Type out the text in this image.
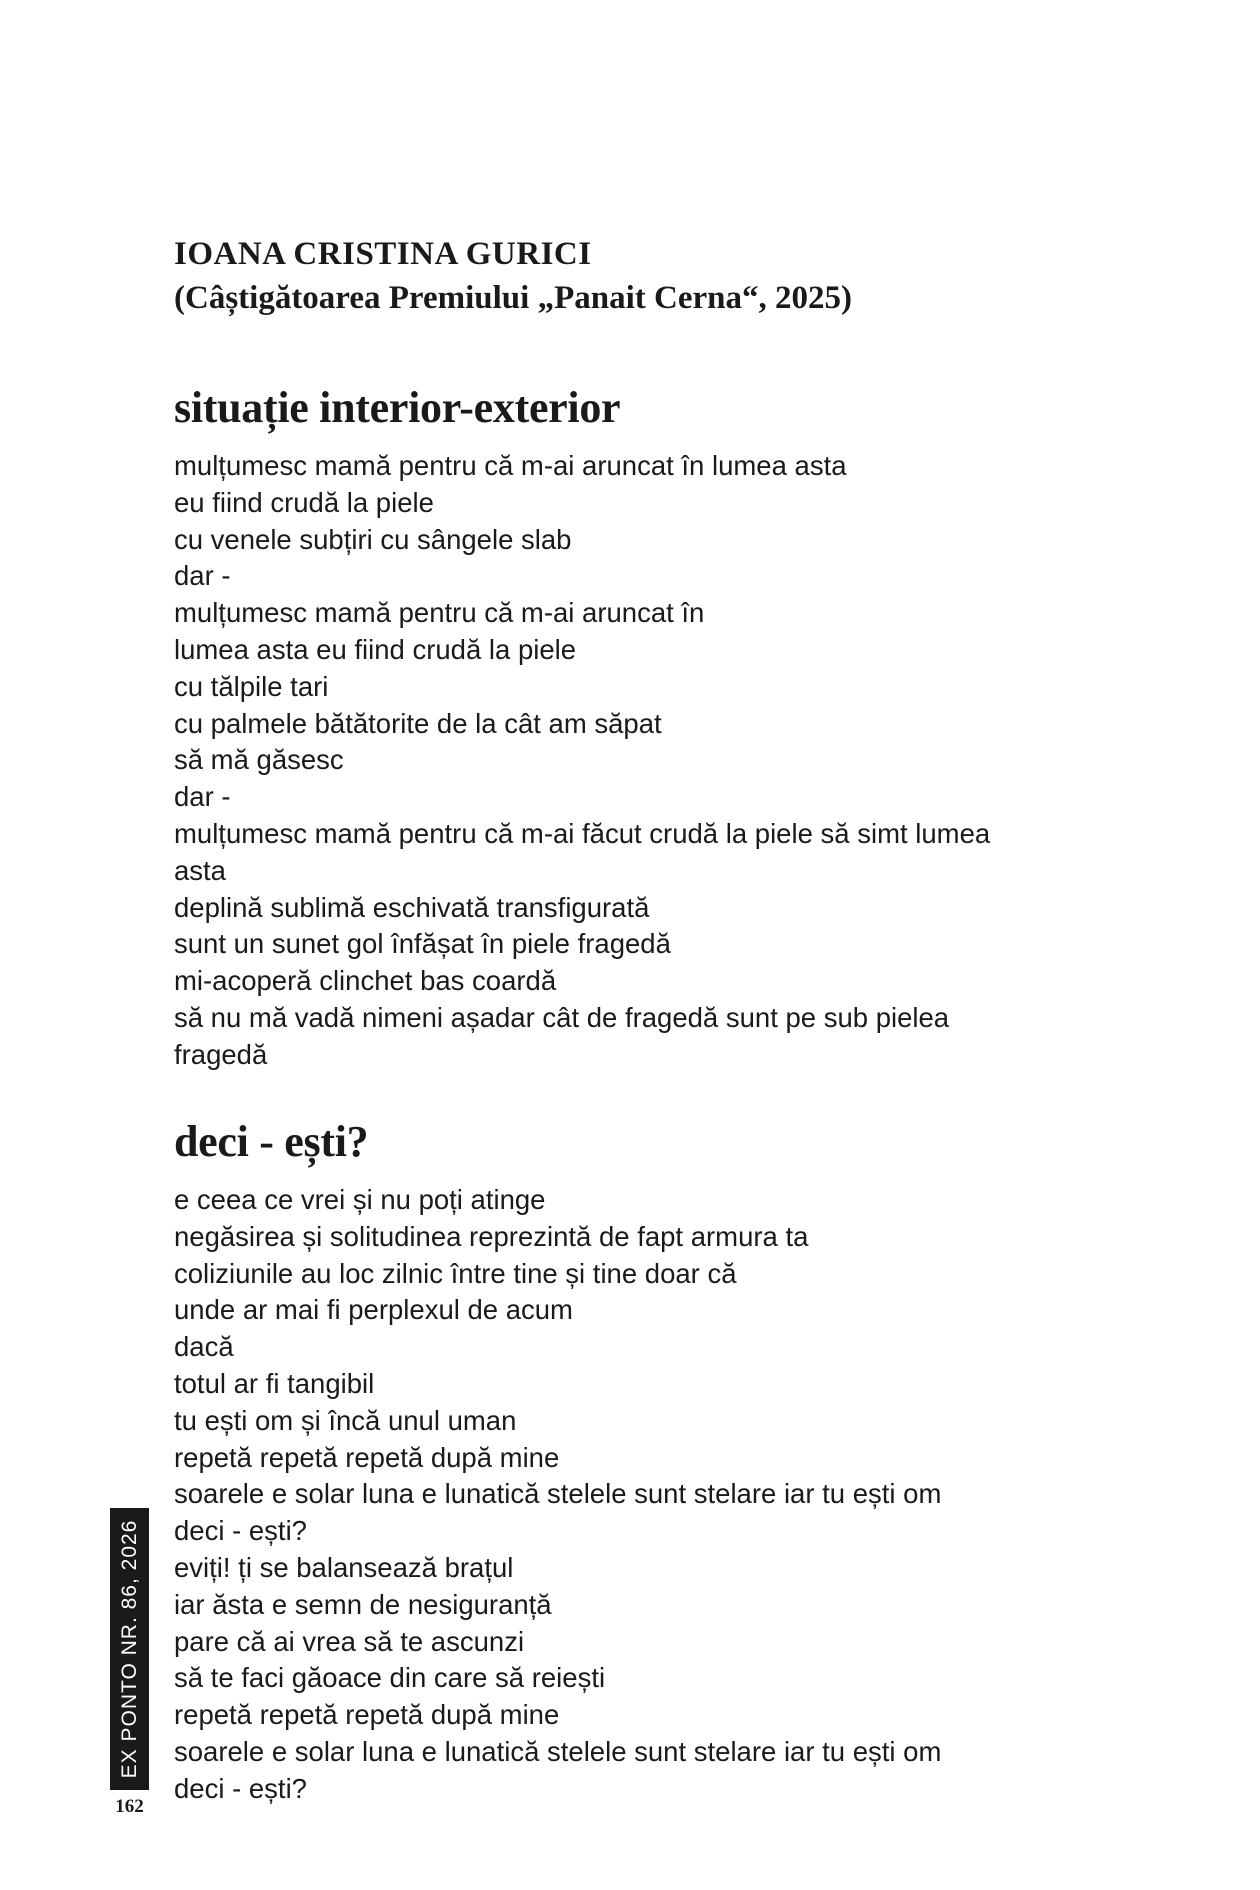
IOANA CRISTINA GURICI
(Câștigătoarea Premiului „Panait Cerna“, 2025)
situație interior-exterior
mulțumesc mamă pentru că m-ai aruncat în lumea asta
eu fiind crudă la piele
cu venele subțiri cu sângele slab
dar -
mulțumesc mamă pentru că m-ai aruncat în
lumea asta eu fiind crudă la piele
cu tălpile tari
cu palmele bătătorite de la cât am săpat
să mă găsesc
dar -
mulțumesc mamă pentru că m-ai făcut crudă la piele să simt lumea
asta
deplină sublimă eschivată transfigurată
sunt un sunet gol înfășat în piele fragedă
mi-acoperă clinchet bas coardă
să nu mă vadă nimeni așadar cât de fragedă sunt pe sub pielea
fragedă
deci - ești?
e ceea ce vrei și nu poți atinge
negăsirea și solitudinea reprezintă de fapt armura ta
coliziunile au loc zilnic între tine și tine doar că
unde ar mai fi perplexul de acum
dacă
totul ar fi tangibil
tu ești om și încă unul uman
repetă repetă repetă după mine
soarele e solar luna e lunatică stelele sunt stelare iar tu ești om
deci - ești?
eviți! ți se balansează brațul
iar ăsta e semn de nesiguranță
pare că ai vrea să te ascunzi
să te faci găoace din care să reiești
repetă repetă repetă după mine
soarele e solar luna e lunatică stelele sunt stelare iar tu ești om
deci - ești?
EX PONTO NR. 86, 2026
162
